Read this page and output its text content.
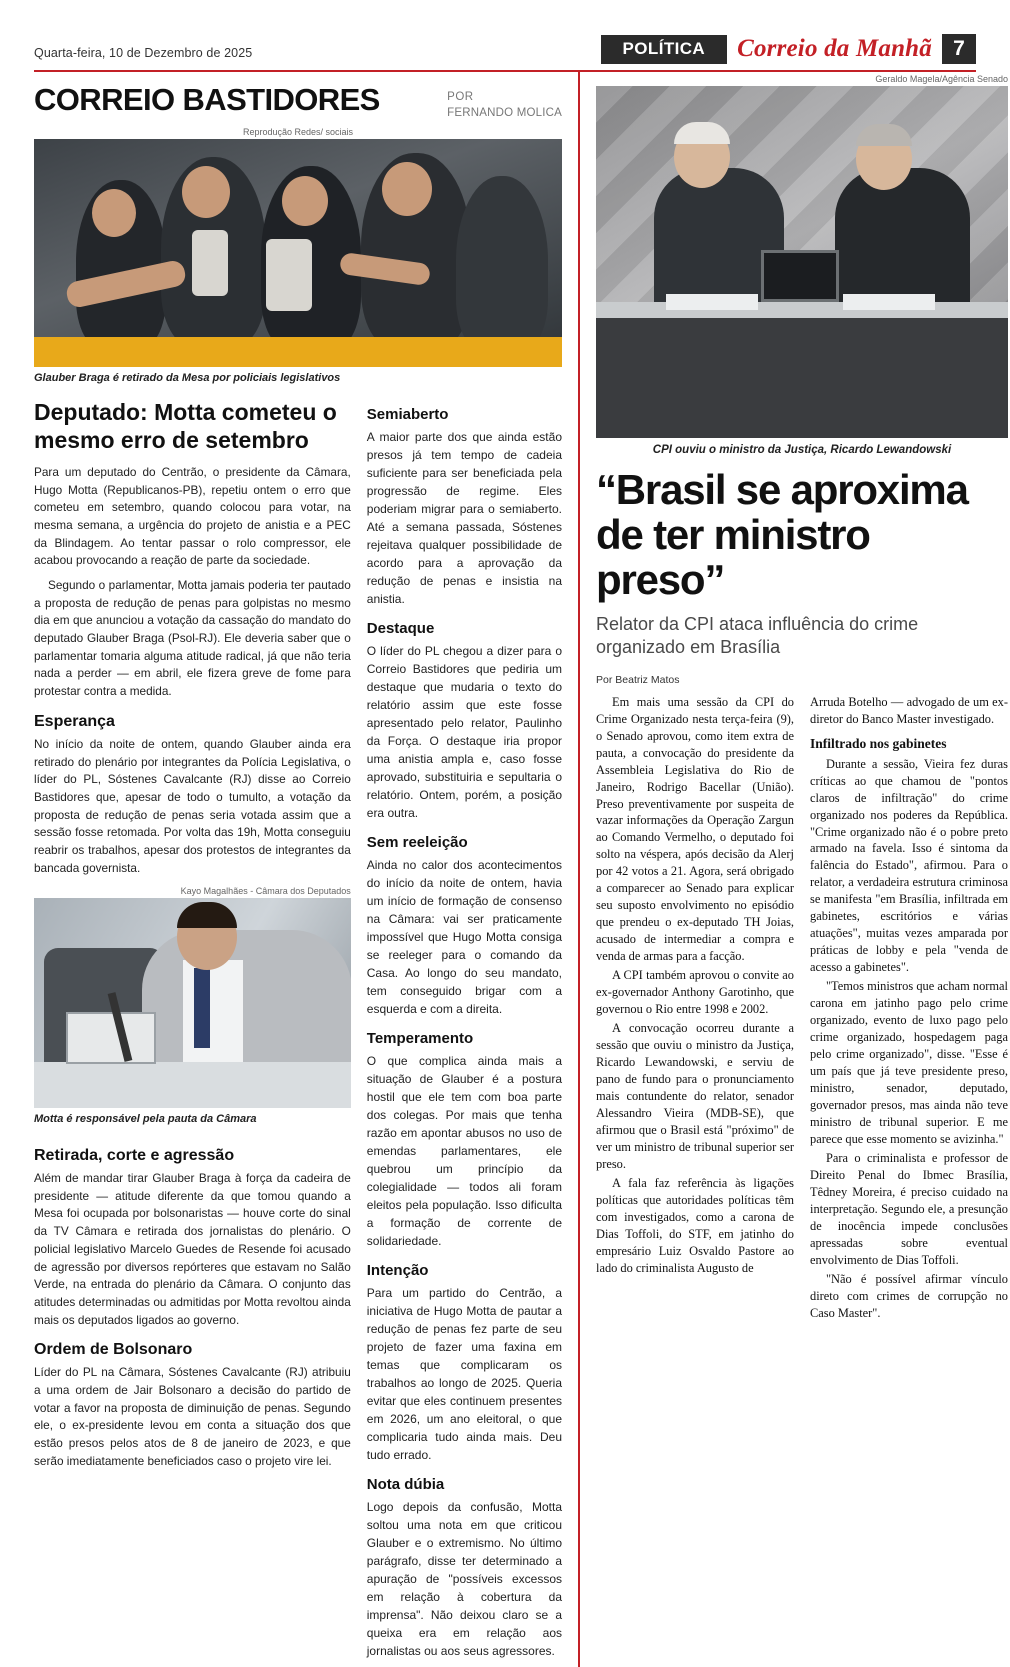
Quarta-feira, 10 de Dezembro de 2025	POLÍTICA	Correio da Manhã	7
CORREIO BASTIDORES	POR
FERNANDO MOLICA
Reprodução Redes/ sociais
Glauber Braga é retirado da Mesa por policiais legislativos
Deputado: Motta cometeu o mesmo erro de setembro

Para um deputado do Centrão, o presidente da Câmara, Hugo Motta (Republicanos-PB), repetiu ontem o erro que cometeu em setembro, quando colocou para votar, na mesma semana, a urgência do projeto de anistia e a PEC da Blindagem. Ao tentar passar o rolo compressor, ele acabou provocando a reação de parte da sociedade.

Segundo o parlamentar, Motta jamais poderia ter pautado a proposta de redução de penas para golpistas no mesmo dia em que anunciou a votação da cassação do mandato do deputado Glauber Braga (Psol-RJ). Ele deveria saber que o parlamentar tomaria alguma atitude radical, já que não teria nada a perder — em abril, ele fizera greve de fome para protestar contra a medida.

Esperança

No início da noite de ontem, quando Glauber ainda era retirado do plenário por integrantes da Polícia Legislativa, o líder do PL, Sóstenes Cavalcante (RJ) disse ao Correio Bastidores que, apesar de todo o tumulto, a votação da proposta de redução de penas seria votada assim que a sessão fosse retomada. Por volta das 19h, Motta conseguiu reabrir os trabalhos, apesar dos protestos de integrantes da bancada governista.

Kayo Magalhães - Câmara dos Deputados
Motta é responsável pela pauta da Câmara
Retirada, corte e agressão

Além de mandar tirar Glauber Braga à força da cadeira de presidente — atitude diferente da que tomou quando a Mesa foi ocupada por bolsonaristas — houve corte do sinal da TV Câmara e retirada dos jornalistas do plenário. O policial legislativo Marcelo Guedes de Resende foi acusado de agressão por diversos repórteres que estavam no Salão Verde, na entrada do plenário da Câmara. O conjunto das atitudes determinadas ou admitidas por Motta revoltou ainda mais os deputados ligados ao governo.

Ordem de Bolsonaro

Líder do PL na Câmara, Sóstenes Cavalcante (RJ) atribuiu a uma ordem de Jair Bolsonaro a decisão do partido de votar a favor na proposta de diminuição de penas. Segundo ele, o ex-presidente levou em conta a situação dos que estão presos pelos atos de 8 de janeiro de 2023, e que serão imediatamente beneficiados caso o projeto vire lei.

Semiaberto

A maior parte dos que ainda estão presos já tem tempo de cadeia suficiente para ser beneficiada pela progressão de regime. Eles poderiam migrar para o semiaberto. Até a semana passada, Sóstenes rejeitava qualquer possibilidade de acordo para a aprovação da redução de penas e insistia na anistia.

Destaque

O líder do PL chegou a dizer para o Correio Bastidores que pediria um destaque que mudaria o texto do relatório assim que este fosse apresentado pelo relator, Paulinho da Força. O destaque iria propor uma anistia ampla e, caso fosse aprovado, substituiria e sepultaria o relatório. Ontem, porém, a posição era outra.

Sem reeleição

Ainda no calor dos acontecimentos do início da noite de ontem, havia um início de formação de consenso na Câmara: vai ser praticamente impossível que Hugo Motta consiga se reeleger para o comando da Casa. Ao longo do seu mandato, tem conseguido brigar com a esquerda e com a direita.

Temperamento

O que complica ainda mais a situação de Glauber é a postura hostil que ele tem com boa parte dos colegas. Por mais que tenha razão em apontar abusos no uso de emendas parlamentares, ele quebrou um princípio da colegialidade — todos ali foram eleitos pela população. Isso dificulta a formação de corrente de solidariedade.

Intenção

Para um partido do Centrão, a iniciativa de Hugo Motta de pautar a redução de penas fez parte de seu projeto de fazer uma faxina em temas que complicaram os trabalhos ao longo de 2025. Queria evitar que eles continuem presentes em 2026, um ano eleitoral, o que complicaria tudo ainda mais. Deu tudo errado.

Nota dúbia

Logo depois da confusão, Motta soltou uma nota em que criticou Glauber e o extremismo. No último parágrafo, disse ter determinado a apuração de "possíveis excessos em relação à cobertura da imprensa". Não deixou claro se a queixa era em relação aos jornalistas ou aos seus agressores.

Geraldo Magela/Agência Senado
CPI ouviu o ministro da Justiça, Ricardo Lewandowski
“Brasil se aproxima de ter ministro preso”
Relator da CPI ataca influência do crime organizado em Brasília
Por Beatriz Matos

Em mais uma sessão da CPI do Crime Organizado nesta terça-feira (9), o Senado aprovou, como item extra de pauta, a convocação do presidente da Assembleia Legislativa do Rio de Janeiro, Rodrigo Bacellar (União). Preso preventivamente por suspeita de vazar informações da Operação Zargun ao Comando Vermelho, o deputado foi solto na véspera, após decisão da Alerj por 42 votos a 21. Agora, será obrigado a comparecer ao Senado para explicar seu suposto envolvimento no episódio que prendeu o ex-deputado TH Joias, acusado de intermediar a compra e venda de armas para a facção.

A CPI também aprovou o convite ao ex-governador Anthony Garotinho, que governou o Rio entre 1998 e 2002.

A convocação ocorreu durante a sessão que ouviu o ministro da Justiça, Ricardo Lewandowski, e serviu de pano de fundo para o pronunciamento mais contundente do relator, senador Alessandro Vieira (MDB-SE), que afirmou que o Brasil está "próximo" de ver um ministro de tribunal superior ser preso.

A fala faz referência às ligações políticas que autoridades políticas têm com investigados, como a carona de Dias Toffoli, do STF, em jatinho do empresário Luiz Osvaldo Pastore ao lado do criminalista Augusto de

Arruda Botelho — advogado de um ex-diretor do Banco Master investigado.

Infiltrado nos gabinetes

Durante a sessão, Vieira fez duras críticas ao que chamou de "pontos claros de infiltração" do crime organizado nos poderes da República. "Crime organizado não é o pobre preto armado na favela. Isso é sintoma da falência do Estado", afirmou. Para o relator, a verdadeira estrutura criminosa se manifesta "em Brasília, infiltrada em gabinetes, escritórios e várias atuações", muitas vezes amparada por práticas de lobby e pela "venda de acesso a gabinetes".

"Temos ministros que acham normal carona em jatinho pago pelo crime organizado, evento de luxo pago pelo crime organizado, hospedagem paga pelo crime organizado", disse. "Esse é um país que já teve presidente preso, ministro, senador, deputado, governador presos, mas ainda não teve ministro de tribunal superior. E me parece que esse momento se avizinha."

Para o criminalista e professor de Direito Penal do Ibmec Brasília, Têdney Moreira, é preciso cuidado na interpretação. Segundo ele, a presunção de inocência impede conclusões apressadas sobre eventual envolvimento de Dias Toffoli.

"Não é possível afirmar vínculo direto com crimes de corrupção no Caso Master".
